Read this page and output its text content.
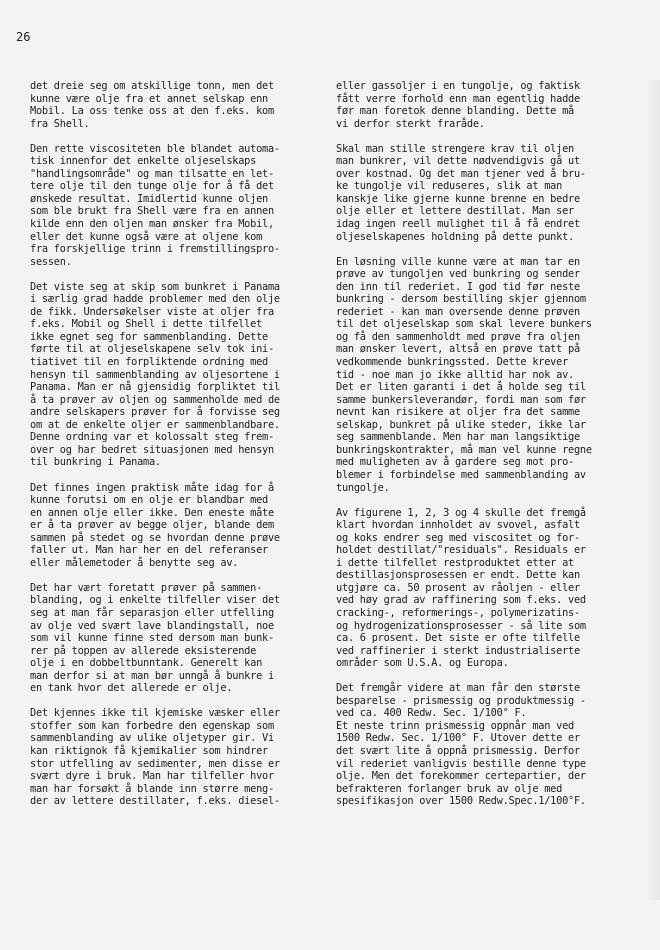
26

det dreie seg om atskillige tonn, men det
kunne være olje fra et annet selskap enn
Mobil. La oss tenke oss at den f.eks. kom
fra Shell.

Den rette viscositeten ble blandet automa-
tisk innenfor det enkelte oljeselskaps
"handlingsområde" og man tilsatte en let-
tere olje til den tunge olje for å få det
ønskede resultat. Imidlertid kunne oljen
som ble brukt fra Shell være fra en annen
kilde enn den oljen man ønsker fra Mobil,
eller det kunne også være at oljene kom
fra forskjellige trinn i fremstillingspro-
sessen.

Det viste seg at skip som bunkret i Panama
i særlig grad hadde problemer med den olje
de fikk. Undersøkelser viste at oljer fra
f.eks. Mobil og Shell i dette tilfellet
ikke egnet seg for sammenblanding. Dette
førte til at oljeselskapene selv tok ini-
tiativet til en forpliktende ordning med
hensyn til sammenblanding av oljesortene i
Panama. Man er nå gjensidig forpliktet til
å ta prøver av oljen og sammenholde med de
andre selskapers prøver for å forvisse seg
om at de enkelte oljer er sammenblandbare.
Denne ordning var et kolossalt steg frem-
over og har bedret situasjonen med hensyn
til bunkring i Panama.

Det finnes ingen praktisk måte idag for å
kunne forutsi om en olje er blandbar med
en annen olje eller ikke. Den eneste måte
er å ta prøver av begge oljer, blande dem
sammen på stedet og se hvordan denne prøve
faller ut. Man har her en del referanser
eller målemetoder å benytte seg av.

Det har vært foretatt prøver på sammen-
blanding, og i enkelte tilfeller viser det
seg at man får separasjon eller utfelling
av olje ved svært lave blandingstall, noe
som vil kunne finne sted dersom man bunk-
rer på toppen av allerede eksisterende
olje i en dobbeltbunntank. Generelt kan
man derfor si at man bør unngå å bunkre i
en tank hvor det allerede er olje.

Det kjennes ikke til kjemiske væsker eller
stoffer som kan forbedre den egenskap som
sammenblanding av ulike oljetyper gir. Vi
kan riktignok få kjemikalier som hindrer
stor utfelling av sedimenter, men disse er
svært dyre i bruk. Man har tilfeller hvor
man har forsøkt å blande inn større meng-
der av lettere destillater, f.eks. diesel-

eller gassoljer i en tungolje, og faktisk
fått verre forhold enn man egentlig hadde
før man foretok denne blanding. Dette må
vi derfor sterkt fraråde.

Skal man stille strengere krav til oljen
man bunkrer, vil dette nødvendigvis gå ut
over kostnad. Og det man tjener ved å bru-
ke tungolje vil reduseres, slik at man
kanskje like gjerne kunne brenne en bedre
olje eller et lettere destillat. Man ser
idag ingen reell mulighet til å få endret
oljeselskapenes holdning på dette punkt.

En løsning ville kunne være at man tar en
prøve av tungoljen ved bunkring og sender
den inn til rederiet. I god tid før neste
bunkring - dersom bestilling skjer gjennom
rederiet - kan man oversende denne prøven
til det oljeselskap som skal levere bunkers
og få den sammenholdt med prøve fra oljen
man ønsker levert, altså en prøve tatt på
vedkommende bunkringssted. Dette krever
tid - noe man jo ikke alltid har nok av.
Det er liten garanti i det å holde seg til
samme bunkersleverandør, fordi man som før
nevnt kan risikere at oljer fra det samme
selskap, bunkret på ulike steder, ikke lar
seg sammenblande. Men har man langsiktige
bunkringskontrakter, må man vel kunne regne
med muligheten av å gardere seg mot pro-
blemer i forbindelse med sammenblanding av
tungolje.

Av figurene 1, 2, 3 og 4 skulle det fremgå
klart hvordan innholdet av svovel, asfalt
og koks endrer seg med viscositet og for-
holdet destillat/"residuals". Residuals er
i dette tilfellet restproduktet etter at
destillasjonsprosessen er endt. Dette kan
utgjøre ca. 50 prosent av råoljen - eller
ved høy grad av raffinering som f.eks. ved
cracking-, reformerings-, polymerizatins-
og hydrogenizationsprosesser - så lite som
ca. 6 prosent. Det siste er ofte tilfelle
ved raffinerier i sterkt industrialiserte
områder som U.S.A. og Europa.

Det fremgår videre at man får den største
besparelse - prismessig og produktmessig -
ved ca. 400 Redw. Sec. 1/100° F.
Et neste trinn prismessig oppnår man ved
1500 Redw. Sec. 1/100° F. Utover dette er
det svært lite å oppnå prismessig. Derfor
vil rederiet vanligvis bestille denne type
olje. Men det forekommer certepartier, der
befrakteren forlanger bruk av olje med
spesifikasjon over 1500 Redw.Spec.1/100°F.
